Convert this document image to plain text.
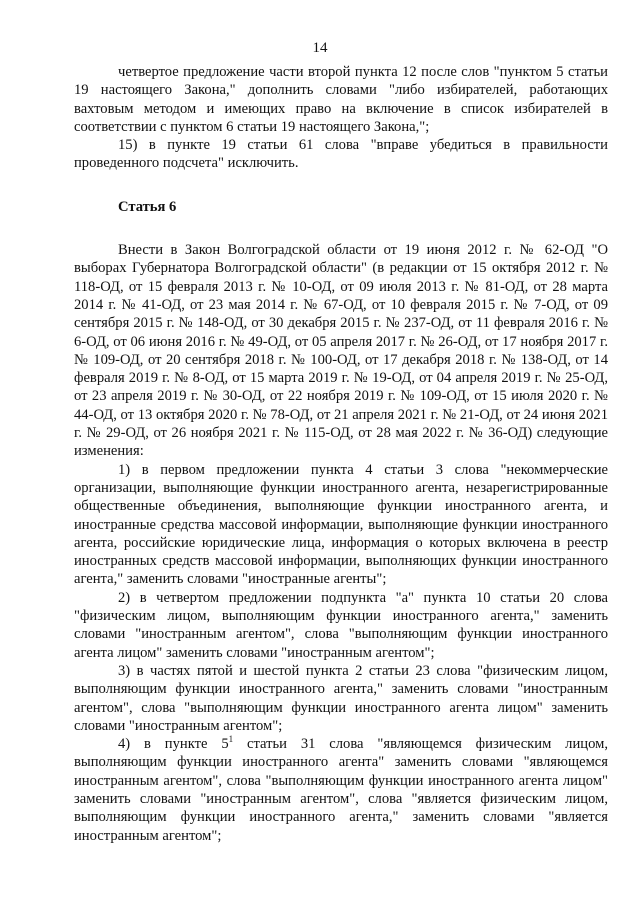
14

четвертое предложение части второй пункта 12 после слов "пунктом 5 статьи 19 настоящего Закона," дополнить словами "либо избирателей, работающих вахтовым методом и имеющих право на включение в список избирателей в соответствии с пунктом 6 статьи 19 настоящего Закона,";

15) в пункте 19 статьи 61 слова "вправе убедиться в правильности проведенного подсчета" исключить.

Статья 6

Внести в Закон Волгоградской области от 19 июня 2012 г. № 62-ОД "О выборах Губернатора Волгоградской области" (в редакции от 15 октября 2012 г. № 118-ОД, от 15 февраля 2013 г. № 10-ОД, от 09 июля 2013 г. № 81-ОД, от 28 марта 2014 г. № 41-ОД, от 23 мая 2014 г. № 67-ОД, от 10 февраля 2015 г. № 7-ОД, от 09 сентября 2015 г. № 148-ОД, от 30 декабря 2015 г. № 237-ОД, от 11 февраля 2016 г. № 6-ОД, от 06 июня 2016 г. № 49-ОД, от 05 апреля 2017 г. № 26-ОД, от 17 ноября 2017 г. № 109-ОД, от 20 сентября 2018 г. № 100-ОД, от 17 декабря 2018 г. № 138-ОД, от 14 февраля 2019 г. № 8-ОД, от 15 марта 2019 г. № 19-ОД, от 04 апреля 2019 г. № 25-ОД, от 23 апреля 2019 г. № 30-ОД, от 22 ноября 2019 г. № 109-ОД, от 15 июля 2020 г. № 44-ОД, от 13 октября 2020 г. № 78-ОД, от 21 апреля 2021 г. № 21-ОД, от 24 июня 2021 г. № 29-ОД, от 26 ноября 2021 г. № 115-ОД, от 28 мая 2022 г. № 36-ОД) следующие изменения:

1) в первом предложении пункта 4 статьи 3 слова "некоммерческие организации, выполняющие функции иностранного агента, незарегистрированные общественные объединения, выполняющие функции иностранного агента, и иностранные средства массовой информации, выполняющие функции иностранного агента, российские юридические лица, информация о которых включена в реестр иностранных средств массовой информации, выполняющих функции иностранного агента," заменить словами "иностранные агенты";

2) в четвертом предложении подпункта "а" пункта 10 статьи 20 слова "физическим лицом, выполняющим функции иностранного агента," заменить словами "иностранным агентом", слова "выполняющим функции иностранного агента лицом" заменить словами "иностранным агентом";

3) в частях пятой и шестой пункта 2 статьи 23 слова "физическим лицом, выполняющим функции иностранного агента," заменить словами "иностранным агентом", слова "выполняющим функции иностранного агента лицом" заменить словами "иностранным агентом";

4) в пункте $5^1$ статьи 31 слова "являющемся физическим лицом, выполняющим функции иностранного агента" заменить словами "являющемся иностранным агентом", слова "выполняющим функции иностранного агента лицом" заменить словами "иностранным агентом", слова "является физическим лицом, выполняющим функции иностранного агента," заменить словами "является иностранным агентом";
